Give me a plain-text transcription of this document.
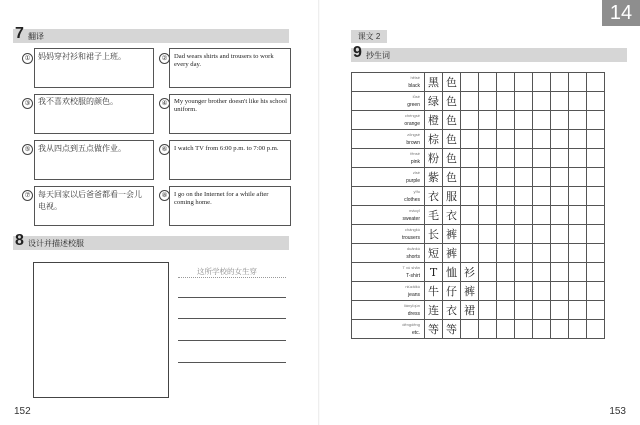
7 翻译
① 妈妈穿衬衫和裙子上班。	② Dad wears shirts and trousers to work every day.
③ 我不喜欢校服的颜色。	④ My younger brother doesn't like his school uniform.
⑤ 我从四点到五点做作业。	⑥ I watch TV from 6:00 p.m. to 7:00 p.m.
⑦ 每天回家以后爸爸都看一会儿电视。
⑧ I go on the Internet for a while after coming home.
8 设计并描述校服
这所学校的女生穿
152
14
153
课文 2
9 抄生词
hēisè
black	黑	色								

lǜsè
green	绿	色								

chéngsè
orange	橙	色								

zōngsè
brown	棕	色								

fěnsè
pink	粉	色								

zǐsè
purple	紫	色								

yīfu
clothes	衣	服								

máoyī
sweater	毛	衣								

chángkù
trousers	长	裤								

duǎnkù
shorts	短	裤								

T xù shān
T-shirt	T	恤	衫							

niúzǎikù
jeans	牛	仔	裤							

liányīqún
dress	连	衣	裙							

děngděng
etc.	等	等								
